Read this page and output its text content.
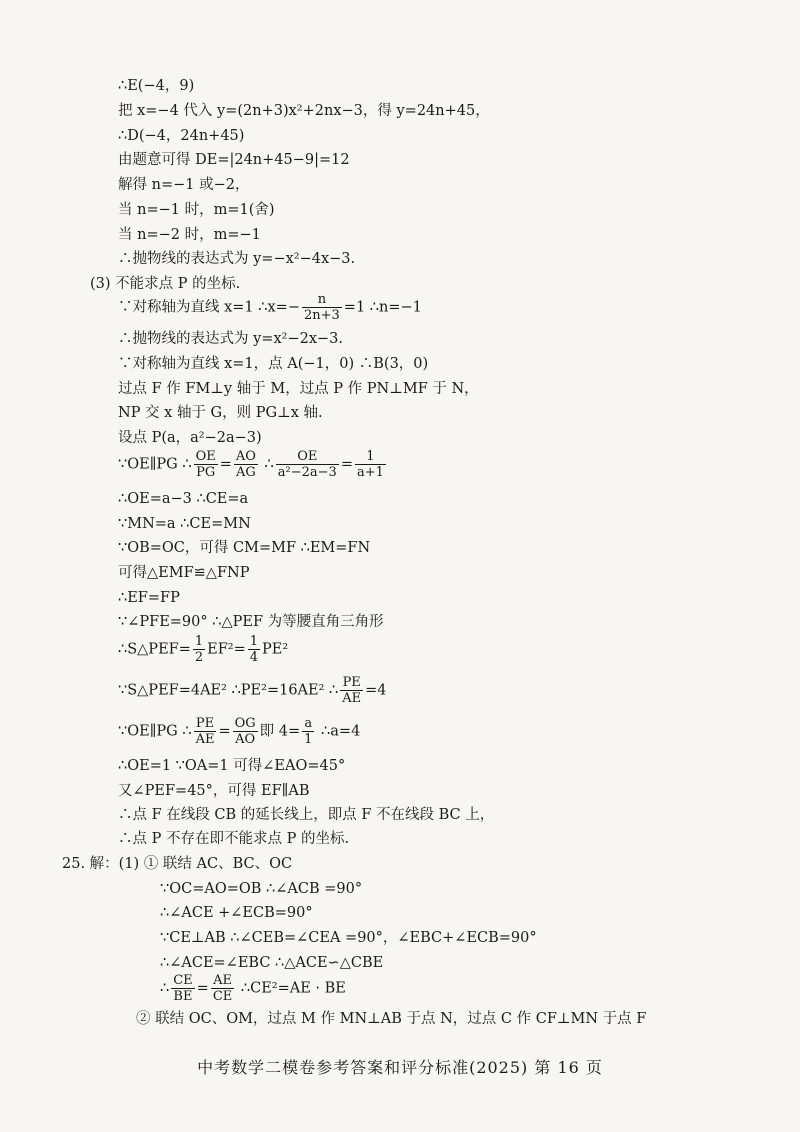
∴E(−4，9)
把 x=−4 代入 y=(2n+3)x²+2nx−3，得 y=24n+45，
∴D(−4，24n+45)
由题意可得 DE=|24n+45−9|=12
解得 n=−1 或−2，
当 n=−1 时，m=1(舍)
当 n=−2 时，m=−1
∴抛物线的表达式为 y=−x²−4x−3.
(3) 不能求点 P 的坐标.
∵对称轴为直线 x=1 ∴x=− $\frac{n}{2n+3} =1$ ∴n=−1
∴抛物线的表达式为 y=x²−2x−3.
∵对称轴为直线 x=1，点 A(−1，0) ∴B(3，0)
过点 F 作 FM⊥y 轴于 M，过点 P 作 PN⊥MF 于 N，
NP 交 x 轴于 G，则 PG⊥x 轴.
设点 P(a，a²−2a−3)
∵OE∥PG ∴ $\frac{OE}{PG} = \frac{AO}{AG}$ ∴ $\frac{OE}{\text{a²−2a−3}} = \frac{1}{a+1}$
∴OE=a−3 ∴CE=a
∵MN=a ∴CE=MN
∵OB=OC，可得 CM=MF ∴EM=FN
可得△EMF≌△FNP
∴EF=FP
∵∠PFE=90° ∴△PEF 为等腰直角三角形
∴S△PEF= $\frac{1}{2} EF^2= \frac{1}{4} PE^2$
∵S△PEF=4AE² ∴PE²=16AE² ∴ $\frac{PE}{AE} =4$
∵OE∥PG ∴ $\frac{PE}{AE} = \frac{OG}{AO}$ 即 $4= \frac{a}{1}$ ∴a=4
∴OE=1 ∵OA=1 可得∠EAO=45°
又∠PEF=45°，可得 EF∥AB
∴点 F 在线段 CB 的延长线上，即点 F 不在线段 BC 上，
∴点 P 不存在即不能求点 P 的坐标.
25. 解：(1) ① 联结 AC、BC、OC
∵OC=AO=OB ∴∠ACB =90°
∴∠ACE +∠ECB=90°
∵CE⊥AB ∴∠CEB=∠CEA =90°，∠EBC+∠ECB=90°
∴∠ACE=∠EBC ∴△ACE∽△CBE
∴ $\frac{CE}{BE} = \frac{AE}{CE}$ ∴CE²=AE · BE
② 联结 OC、OM，过点 M 作 MN⊥AB 于点 N，过点 C 作 CF⊥MN 于点 F
中考数学二模卷参考答案和评分标准(2025) 第 16 页
